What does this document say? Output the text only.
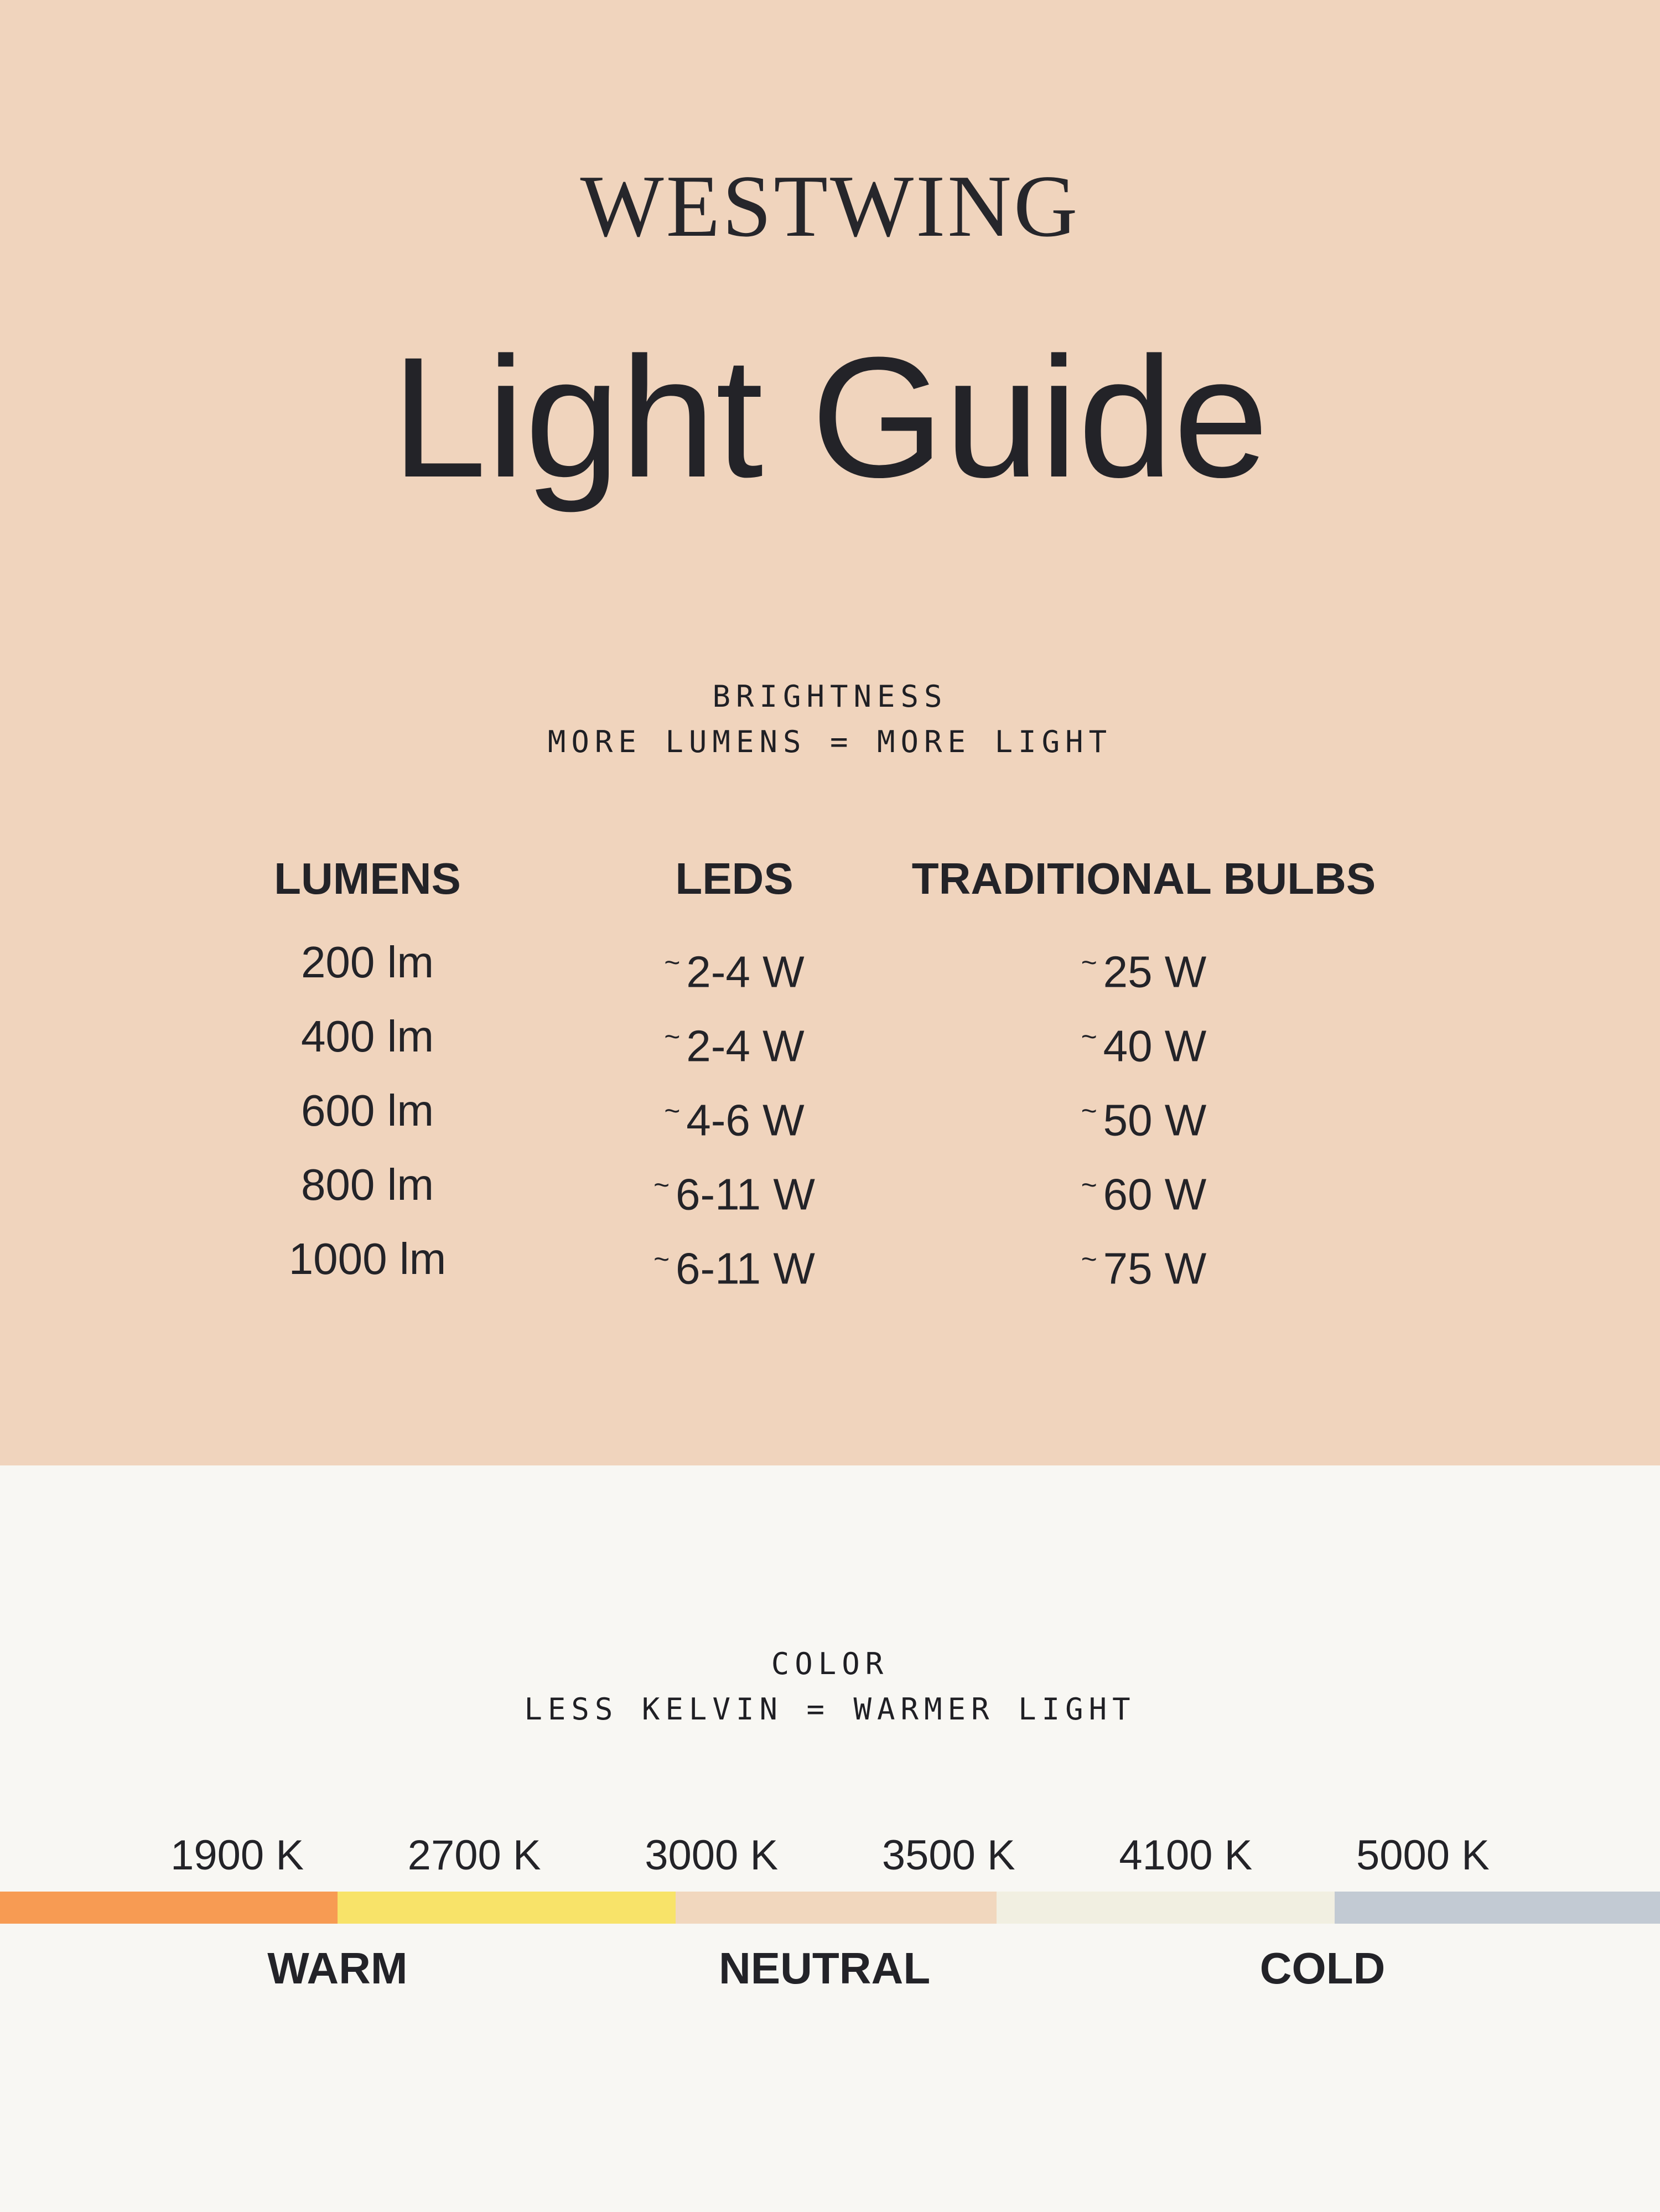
WESTWING
Light Guide
BRIGHTNESS
MORE LUMENS = MORE LIGHT
LUMENS
200 lm
400 lm
600 lm
800 lm
1000 lm
LEDS
~ 2-4 W
~ 2-4 W
~ 4-6 W
~ 6-11 W
~ 6-11 W
TRADITIONAL BULBS
~ 25 W
~ 40 W
~ 50 W
~ 60 W
~ 75 W
COLOR
LESS KELVIN = WARMER LIGHT
1900 K 2700 K 3000 K 3500 K 4100 K 5000 K
WARM	NEUTRAL	COLD
